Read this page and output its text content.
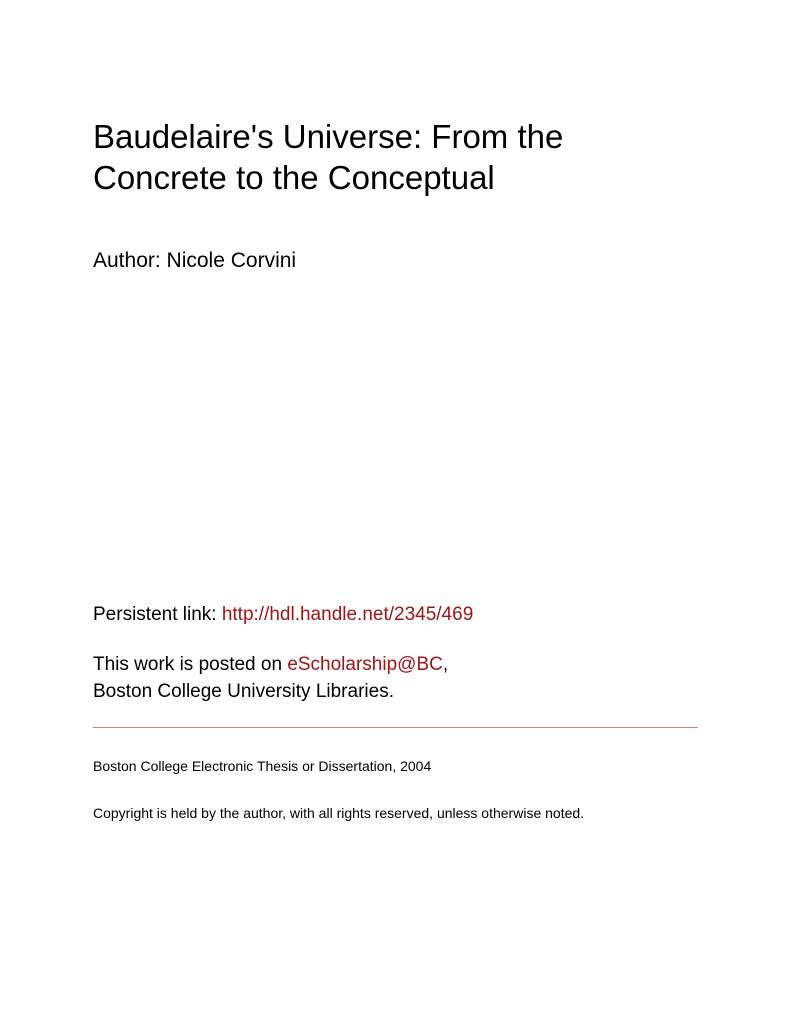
Baudelaire's Universe: From the
Concrete to the Conceptual
Author: Nicole Corvini
Persistent link: http://hdl.handle.net/2345/469
This work is posted on eScholarship@BC,
Boston College University Libraries.
Boston College Electronic Thesis or Dissertation, 2004
Copyright is held by the author, with all rights reserved, unless otherwise noted.
